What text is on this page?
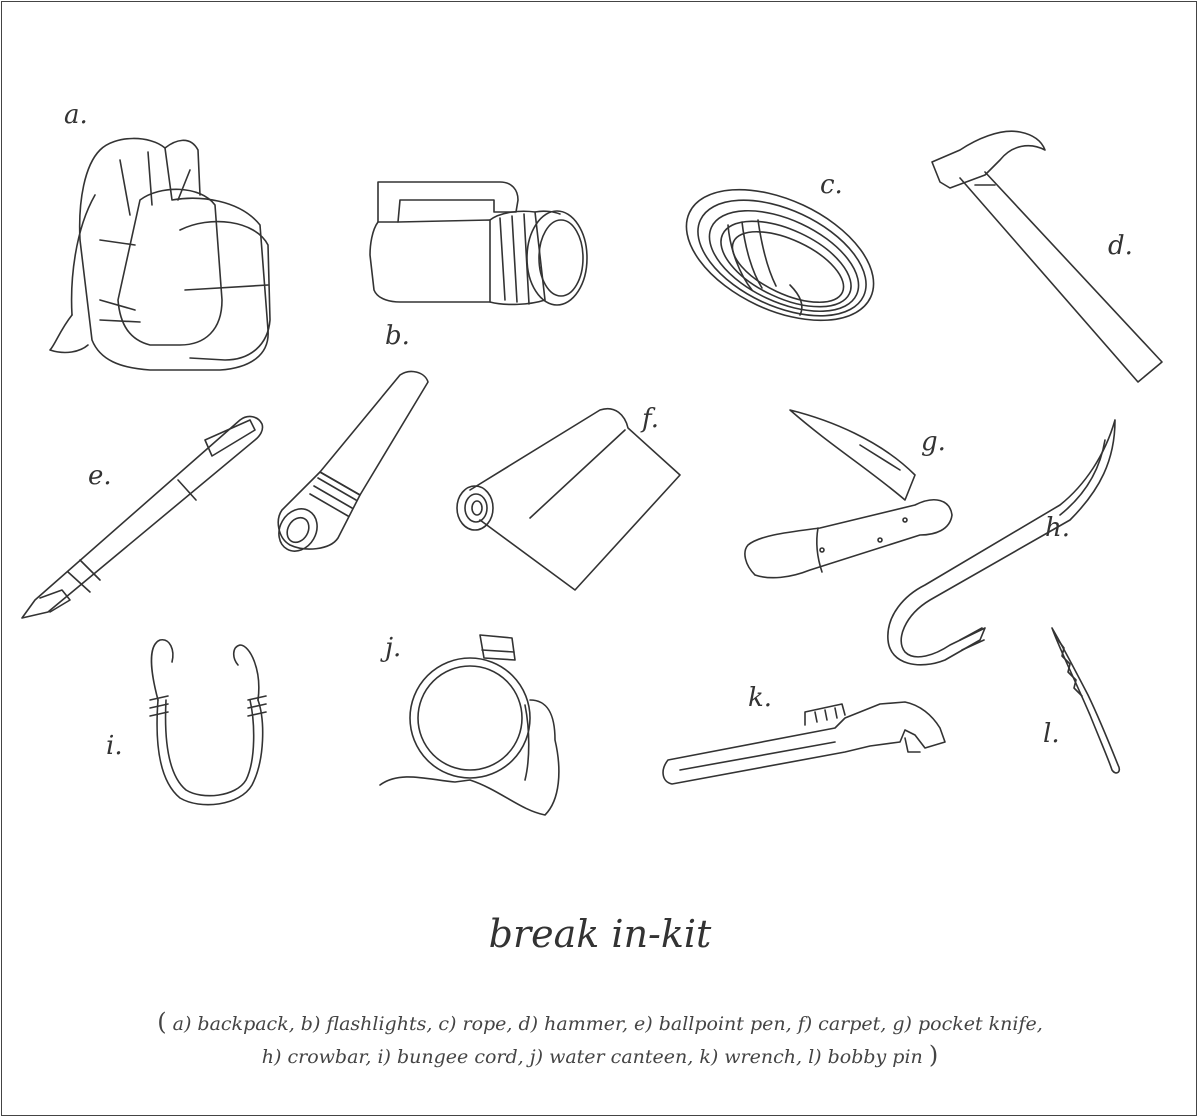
a.
b.
c.
d.
e.
f.
g.
h.
i.
j.
k.
l.
break in-kit
( a) backpack, b) flashlights, c) rope, d) hammer, e) ballpoint pen, f) carpet, g) pocket knife,
h) crowbar, i) bungee cord, j) water canteen, k) wrench, l) bobby pin )
